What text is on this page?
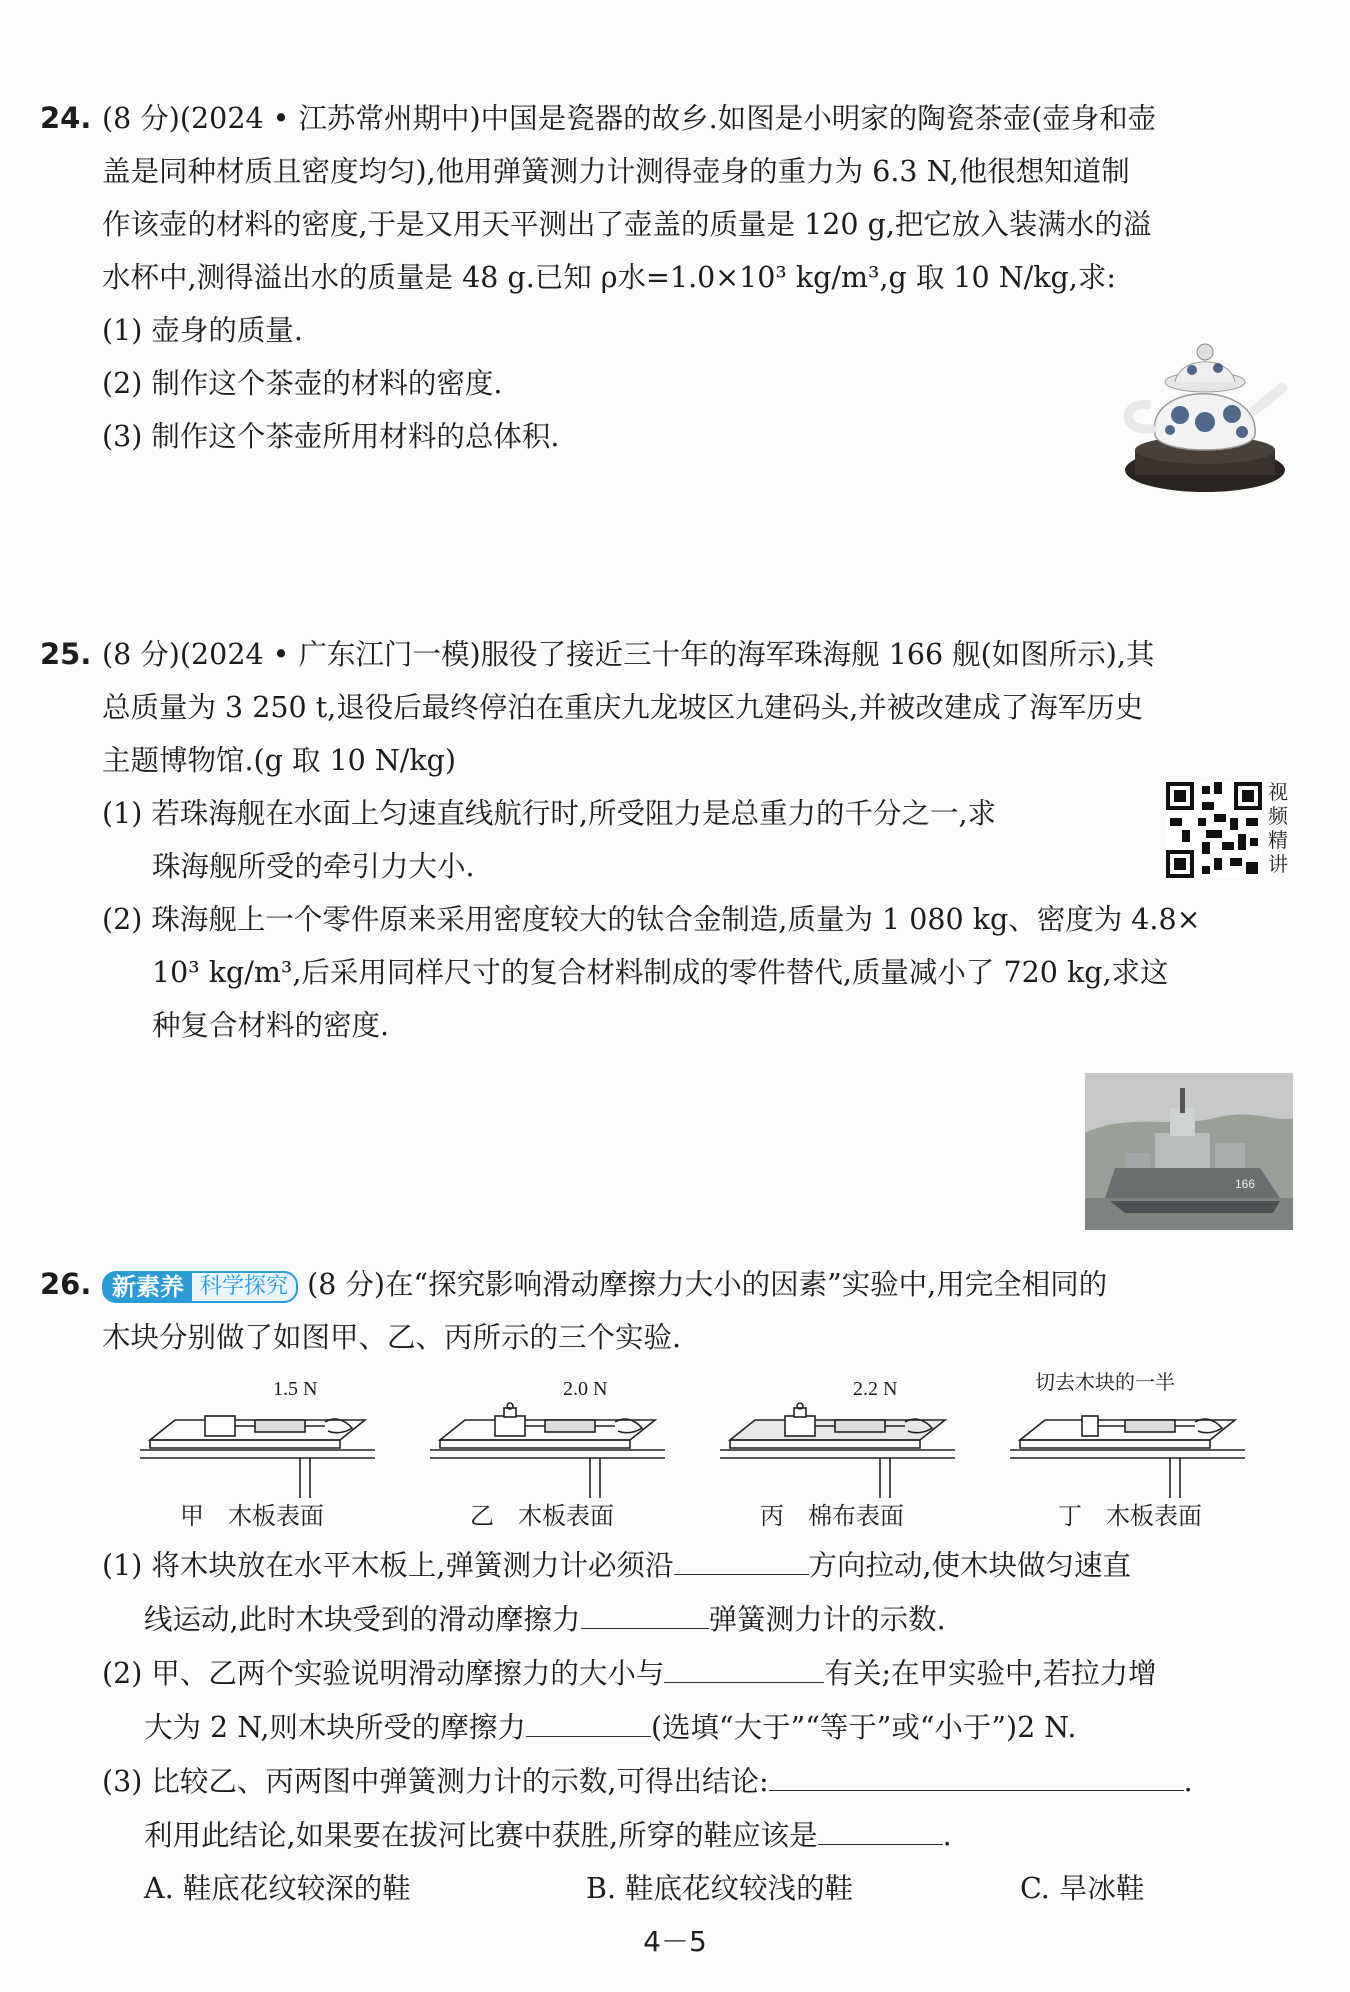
24. (8 分)(2024 • 江苏常州期中)中国是瓷器的故乡.如图是小明家的陶瓷茶壶(壶身和壶

盖是同种材质且密度均匀),他用弹簧测力计测得壶身的重力为 6.3 N,他很想知道制

作该壶的材料的密度,于是又用天平测出了壶盖的质量是 120 g,把它放入装满水的溢

水杯中,测得溢出水的质量是 48 g.已知 ρ水=1.0×10³ kg/m³,g 取 10 N/kg,求:

(1) 壶身的质量.

(2) 制作这个茶壶的材料的密度.

(3) 制作这个茶壶所用材料的总体积.

25. (8 分)(2024 • 广东江门一模)服役了接近三十年的海军珠海舰 166 舰(如图所示),其

总质量为 3 250 t,退役后最终停泊在重庆九龙坡区九建码头,并被改建成了海军历史

主题博物馆.(g 取 10 N/kg)

(1) 若珠海舰在水面上匀速直线航行时,所受阻力是总重力的千分之一,求

珠海舰所受的牵引力大小.

(2) 珠海舰上一个零件原来采用密度较大的钛合金制造,质量为 1 080 kg、密度为 4.8×

10³ kg/m³,后采用同样尺寸的复合材料制成的零件替代,质量减小了 720 kg,求这

种复合材料的密度.

视
频
精
讲
166

26. 新素养 科学探究 (8 分)在“探究影响滑动摩擦力大小的因素”实验中,用完全相同的

木块分别做了如图甲、乙、丙所示的三个实验.

1.5 N	2.0 N	2.2 N	切去木块的一半
甲　木板表面	乙　木板表面	丙　棉布表面	丁　木板表面

(1) 将木块放在水平木板上,弹簧测力计必须沿	方向拉动,使木块做匀速直

线运动,此时木块受到的滑动摩擦力	弹簧测力计的示数.

(2) 甲、乙两个实验说明滑动摩擦力的大小与	有关;在甲实验中,若拉力增

大为 2 N,则木块所受的摩擦力	(选填“大于”“等于”或“小于”)2 N.

(3) 比较乙、丙两图中弹簧测力计的示数,可得出结论:	.

利用此结论,如果要在拔河比赛中获胜,所穿的鞋应该是	.

A. 鞋底花纹较深的鞋	B. 鞋底花纹较浅的鞋	C. 旱冰鞋

4－5
